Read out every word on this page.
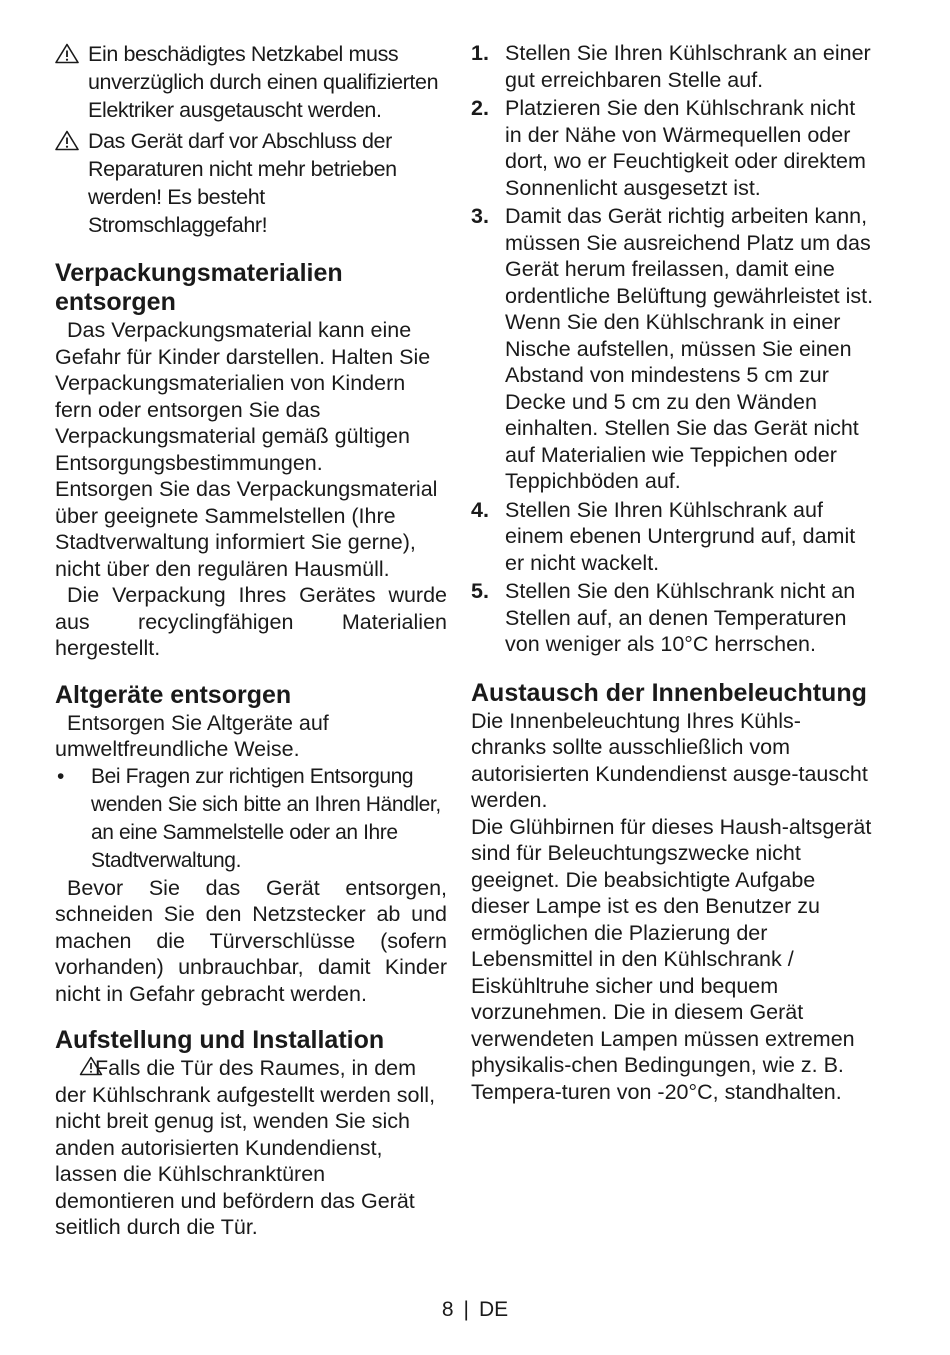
Ein beschädigtes Netzkabel muss unverzüglich durch einen qualifizierten Elektriker ausgetauscht werden.
Das Gerät darf vor Abschluss der Reparaturen nicht mehr betrieben werden! Es besteht Stromschlaggefahr!
Verpackungsmaterialien entsorgen
Das Verpackungsmaterial kann eine Gefahr für Kinder darstellen. Halten Sie Verpackungsmaterialien von Kindern fern oder entsorgen Sie das Verpackungsmaterial gemäß gültigen Entsorgungsbestimmungen.
Entsorgen Sie das Verpackungsmaterial über geeignete Sammelstellen (Ihre Stadtverwaltung informiert Sie gerne), nicht über den regulären Hausmüll.
Die Verpackung Ihres Gerätes wurde aus recyclingfähigen Materialien hergestellt.
Altgeräte entsorgen
Entsorgen Sie Altgeräte auf umweltfreundliche Weise.
•	Bei Fragen zur richtigen Entsorgung wenden Sie sich bitte an Ihren Händler, an eine Sammelstelle oder an Ihre Stadtverwaltung.
Bevor Sie das Gerät entsorgen, schneiden Sie den Netzstecker ab und machen die Türverschlüsse (sofern vorhanden) unbrauchbar, damit Kinder nicht in Gefahr gebracht werden.
Aufstellung und Installation
Falls die Tür des Raumes, in dem der Kühlschrank aufgestellt werden soll, nicht breit genug ist, wenden Sie sich anden autorisierten Kundendienst, lassen die Kühlschranktüren demontieren und befördern das Gerät seitlich durch die Tür.
1. Stellen Sie Ihren Kühlschrank an einer gut erreichbaren Stelle auf.
2. Platzieren Sie den Kühlschrank nicht in der Nähe von Wärmequellen oder dort, wo er Feuchtigkeit oder direktem Sonnenlicht ausgesetzt ist.
3. Damit das Gerät richtig arbeiten kann, müssen Sie ausreichend Platz um das Gerät herum freilassen, damit eine ordentliche Belüftung gewährleistet ist. Wenn Sie den Kühlschrank in einer Nische aufstellen, müssen Sie einen Abstand von mindestens 5 cm zur Decke und 5 cm zu den Wänden einhalten. Stellen Sie das Gerät nicht auf Materialien wie Teppichen oder Teppichböden auf.
4. Stellen Sie Ihren Kühlschrank auf einem ebenen Untergrund auf, damit er nicht wackelt.
5. Stellen Sie den Kühlschrank nicht an Stellen auf, an denen Temperaturen von weniger als 10°C herrschen.
Austausch der Innenbeleuchtung
Die Innenbeleuchtung Ihres Kühls-chranks sollte ausschließlich vom autorisierten Kundendienst ausge-tauscht werden.
Die Glühbirnen für dieses Haush-altsgerät sind für Beleuchtungszwecke nicht geeignet. Die beabsichtigte Aufgabe dieser Lampe ist es den Benutzer zu ermöglichen die Plazierung der Lebensmittel in den Kühlschrank / Eiskühltruhe sicher und bequem vorzunehmen. Die in diesem Gerät verwendeten Lampen müssen extremen physikalis-chen Bedingungen, wie z. B. Tempera-turen von -20°C, standhalten.
8 | DE
